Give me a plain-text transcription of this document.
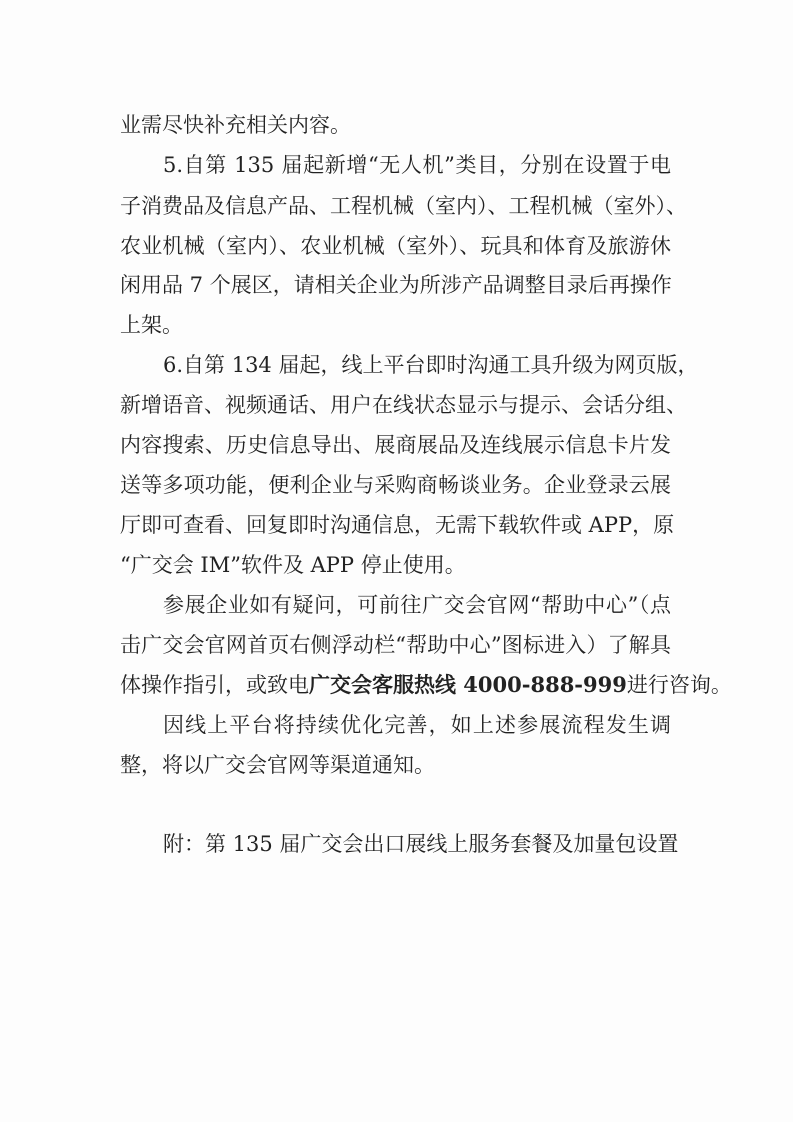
业需尽快补充相关内容。
5.自第 135 届起新增“无人机”类目，分别在设置于电
子消费品及信息产品、工程机械（室内）、工程机械（室外）、
农业机械（室内）、农业机械（室外）、玩具和体育及旅游休
闲用品 7 个展区，请相关企业为所涉产品调整目录后再操作
上架。
6.自第 134 届起，线上平台即时沟通工具升级为网页版，
新增语音、视频通话、用户在线状态显示与提示、会话分组、
内容搜索、历史信息导出、展商展品及连线展示信息卡片发
送等多项功能，便利企业与采购商畅谈业务。企业登录云展
厅即可查看、回复即时沟通信息，无需下载软件或 APP，原
“广交会 IM”软件及 APP 停止使用。
参展企业如有疑问，可前往广交会官网“帮助中心”（点
击广交会官网首页右侧浮动栏“帮助中心”图标进入）了解具
体操作指引，或致电广交会客服热线 4000-888-999进行咨询。
因线上平台将持续优化完善，如上述参展流程发生调
整，将以广交会官网等渠道通知。
附：第 135 届广交会出口展线上服务套餐及加量包设置
